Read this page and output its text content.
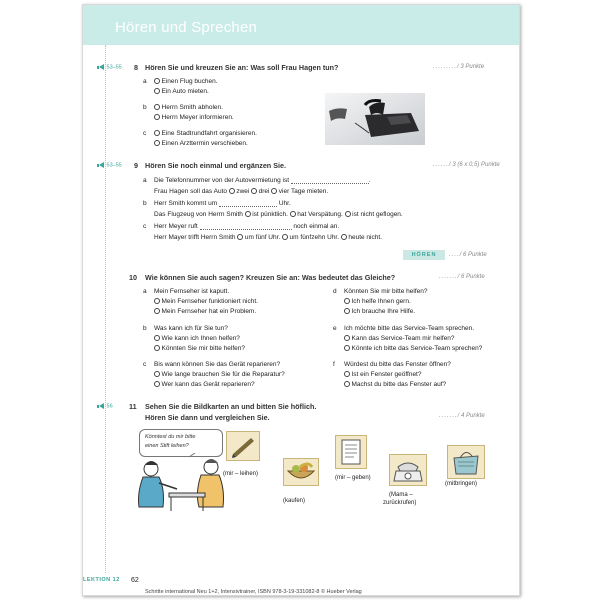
Hören und Sprechen
53–55 8 Hören Sie und kreuzen Sie an: Was soll Frau Hagen tun?	........./ 3 Punkte
53–55 9 Hören Sie noch einmal und ergänzen Sie.	....../ 3 (6 x 0,5) Punkte
a Die Telefonnummer von der Autovermietung ist	.
Frau Hagen soll das Auto zwei drei vier Tage mieten.
b Herr Smith kommt um	Uhr.
Das Flugzeug von Herrn Smith ist pünktlich. hat Verspätung. ist nicht geflogen.
c Herr Meyer ruft	noch einmal an.
Herr Mayer trifft Herrn Smith um fünf Uhr. um fünfzehn Uhr. heute nicht.
HÖREN	..../ 6 Punkte
10 Wie können Sie auch sagen? Kreuzen Sie an: Was bedeutet das Gleiche?	......./ 6 Punkte
56 11 Sehen Sie die Bildkarten an und bitten Sie höflich.
Hören Sie dann und vergleichen Sie.	......./ 4 Punkte
Könntest du mir bitte
einen Stift leihen?
(mir – leihen)
(kaufen)
(mir – geben)
(Mama –
zurückrufen)
(mitbringen)
LEKTION 12 62
Schritte international Neu 1+2, Intensivtrainer, ISBN 978-3-19-331082-8 © Hueber Verlag
a	Einen Flug buchen.
Ein Auto mieten.
b	Herrn Smith abholen.
Herrn Meyer informieren.
c	Eine Stadtrundfahrt organisieren.
Einen Arzttermin verschieben.
a Mein Fernseher ist kaputt.
Mein Fernseher funktioniert nicht.
Mein Fernseher hat ein Problem.
b Was kann ich für Sie tun?
Wie kann ich Ihnen helfen?
Könnten Sie mir bitte helfen?
c Bis wann können Sie das Gerät reparieren?
Wie lange brauchen Sie für die Reparatur?
Wer kann das Gerät reparieren?
d Könnten Sie mir bitte helfen?
Ich helfe Ihnen gern.
Ich brauche Ihre Hilfe.
e Ich möchte bitte das Service-Team sprechen.
Kann das Service-Team mir helfen?
Könnte ich bitte das Service-Team sprechen?
f Würdest du bitte das Fenster öffnen?
Ist ein Fenster geöffnet?
Machst du bitte das Fenster auf?
